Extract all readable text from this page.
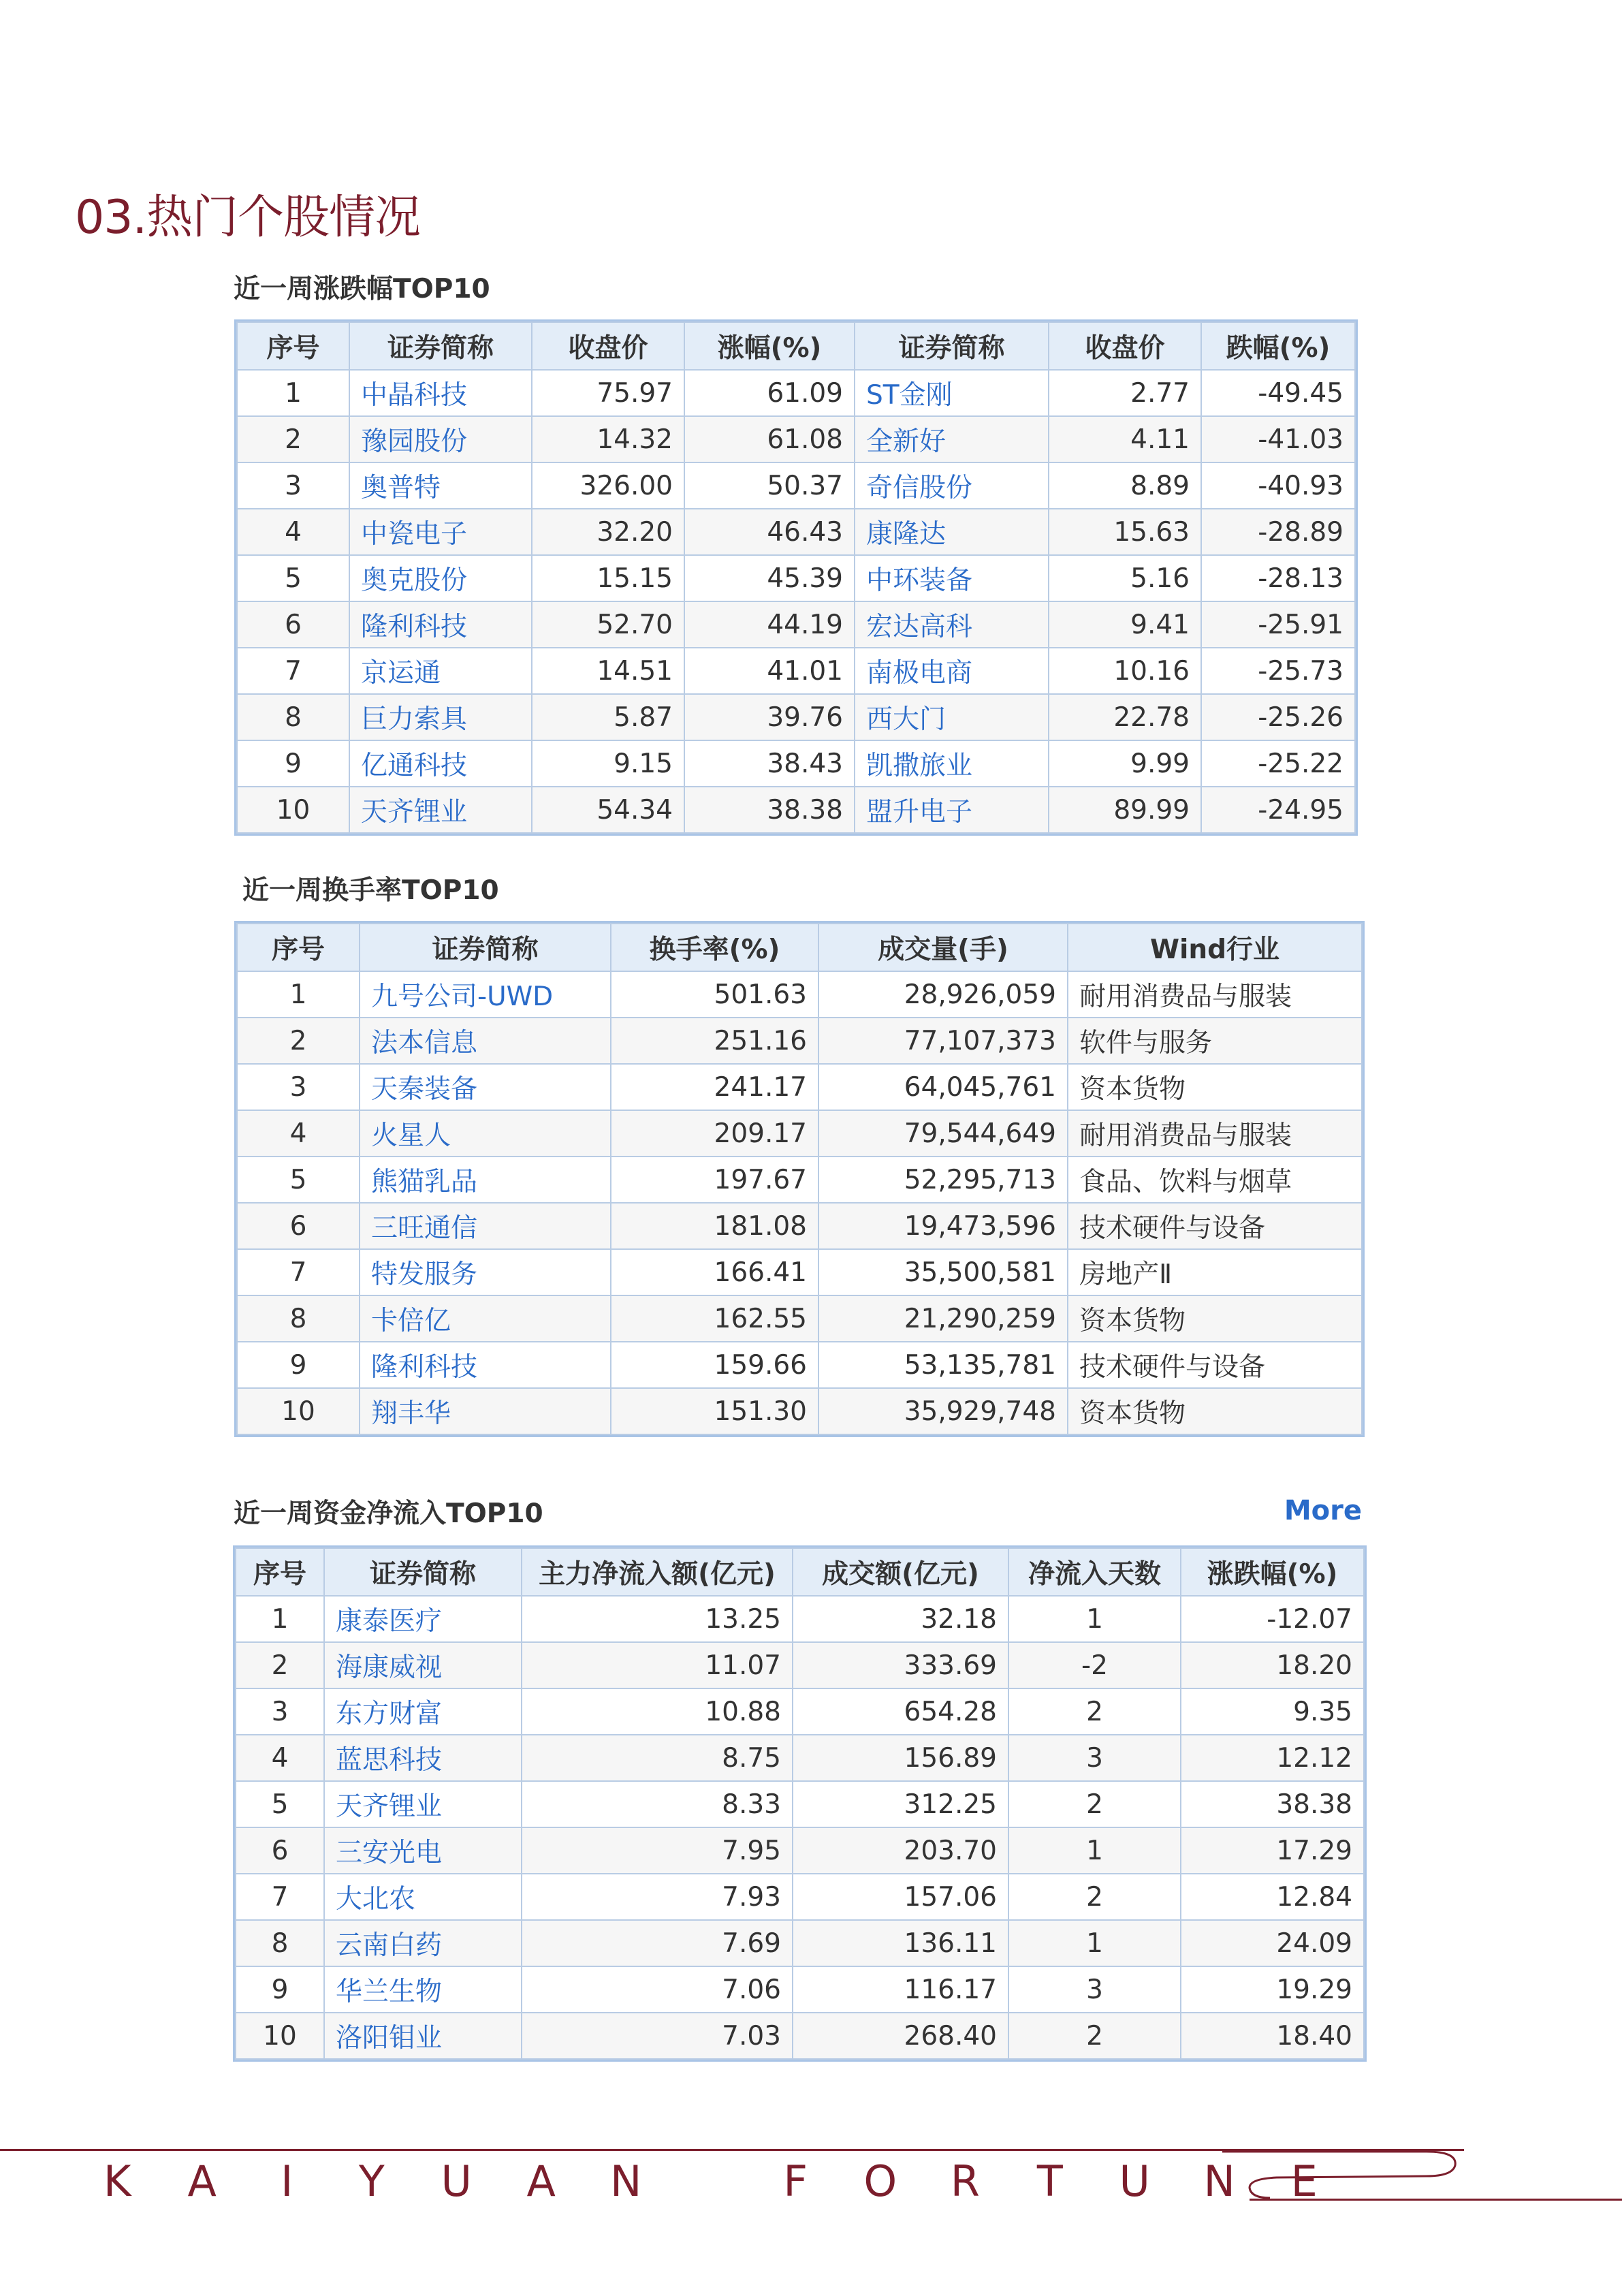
03.热门个股情况
近一周涨跌幅TOP10
序号	证券简称	收盘价	涨幅(%)	证券简称	收盘价	跌幅(%)
1	中晶科技	75.97	61.09	ST金刚	2.77	-49.45
2	豫园股份	14.32	61.08	全新好	4.11	-41.03
3	奥普特	326.00	50.37	奇信股份	8.89	-40.93
4	中瓷电子	32.20	46.43	康隆达	15.63	-28.89
5	奥克股份	15.15	45.39	中环装备	5.16	-28.13
6	隆利科技	52.70	44.19	宏达高科	9.41	-25.91
7	京运通	14.51	41.01	南极电商	10.16	-25.73
8	巨力索具	5.87	39.76	西大门	22.78	-25.26
9	亿通科技	9.15	38.43	凯撒旅业	9.99	-25.22
10	天齐锂业	54.34	38.38	盟升电子	89.99	-24.95
近一周换手率TOP10
序号	证券简称	换手率(%)	成交量(手)	Wind行业
1	九号公司-UWD	501.63	28,926,059	耐用消费品与服装
2	法本信息	251.16	77,107,373	软件与服务
3	天秦装备	241.17	64,045,761	资本货物
4	火星人	209.17	79,544,649	耐用消费品与服装
5	熊猫乳品	197.67	52,295,713	食品、饮料与烟草
6	三旺通信	181.08	19,473,596	技术硬件与设备
7	特发服务	166.41	35,500,581	房地产Ⅱ
8	卡倍亿	162.55	21,290,259	资本货物
9	隆利科技	159.66	53,135,781	技术硬件与设备
10	翔丰华	151.30	35,929,748	资本货物
近一周资金净流入TOP10	More
序号	证券简称	主力净流入额(亿元)	成交额(亿元)	净流入天数	涨跌幅(%)
1	康泰医疗	13.25	32.18	1	-12.07
2	海康威视	11.07	333.69	-2	18.20
3	东方财富	10.88	654.28	2	9.35
4	蓝思科技	8.75	156.89	3	12.12
5	天齐锂业	8.33	312.25	2	38.38
6	三安光电	7.95	203.70	1	17.29
7	大北农	7.93	157.06	2	12.84
8	云南白药	7.69	136.11	1	24.09
9	华兰生物	7.06	116.17	3	19.29
10	洛阳钼业	7.03	268.40	2	18.40
K A I Y U A N	F O R T U N E
